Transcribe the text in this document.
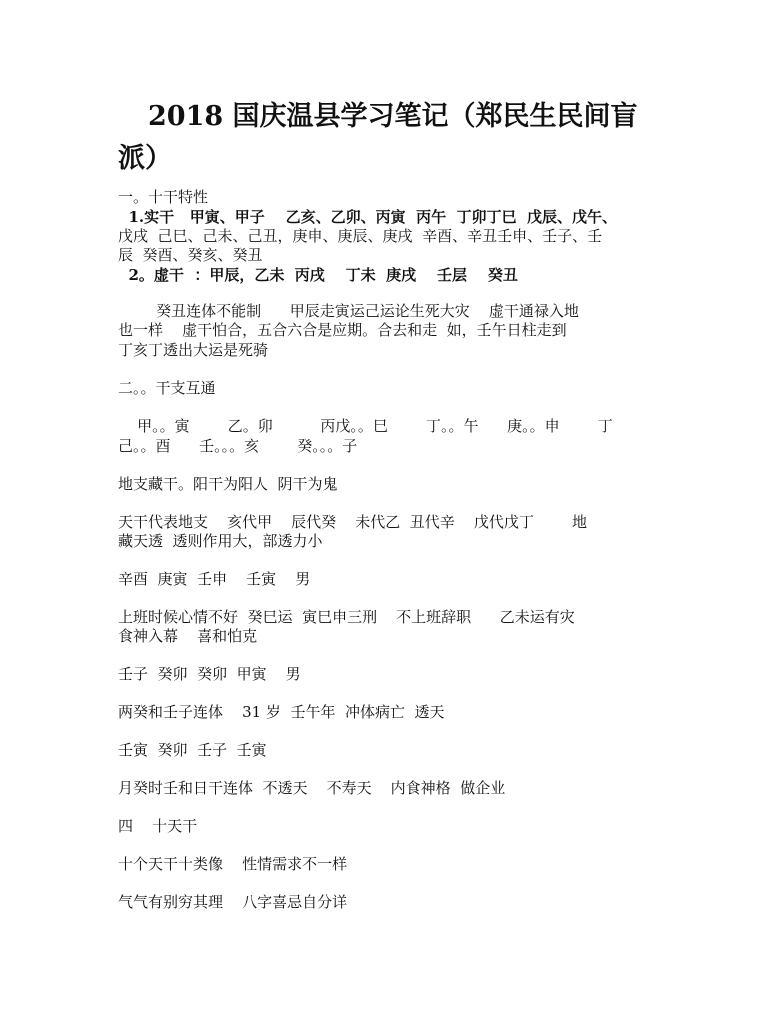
2018 国庆温县学习笔记（郑民生民间盲派）
一。十干特性
1.实干   甲寅、甲子    乙亥、乙卯、丙寅  丙午  丁卯丁巳  戊辰、戊午、
戊戌  己巳、己未、己丑，庚申、庚辰、庚戌  辛酉、辛丑壬申、壬子、壬
辰  癸酉、癸亥、癸丑
2。虚干  ：甲辰，乙未  丙戌    丁未  庚戌    壬层    癸丑
癸丑连体不能制      甲辰走寅运己运论生死大灾    虚干通禄入地
也一样    虚干怕合，五合六合是应期。合去和走  如，壬午日柱走到
丁亥丁透出大运是死骑
二。。干支互通
甲。。寅        乙。卯          丙戊。。巳        丁。。午      庚。。申        丁
己。。酉      壬。。。亥        癸。。。子
地支藏干。阳干为阳人  阴干为鬼
天干代表地支    亥代甲    辰代癸    未代乙  丑代辛    戊代戊丁        地
藏天透  透则作用大，部透力小
辛酉  庚寅  壬申    壬寅    男
上班时候心情不好  癸巳运  寅巳申三刑    不上班辞职      乙未运有灾
食神入幕    喜和怕克
壬子  癸卯  癸卯  甲寅    男
两癸和壬子连体    31 岁  壬午年  冲体病亡  透天
壬寅  癸卯  壬子  壬寅
月癸时壬和日干连体  不透天    不寿天    内食神格  做企业
四    十天干
十个天干十类像    性情需求不一样
气气有别穷其理    八字喜忌自分详
